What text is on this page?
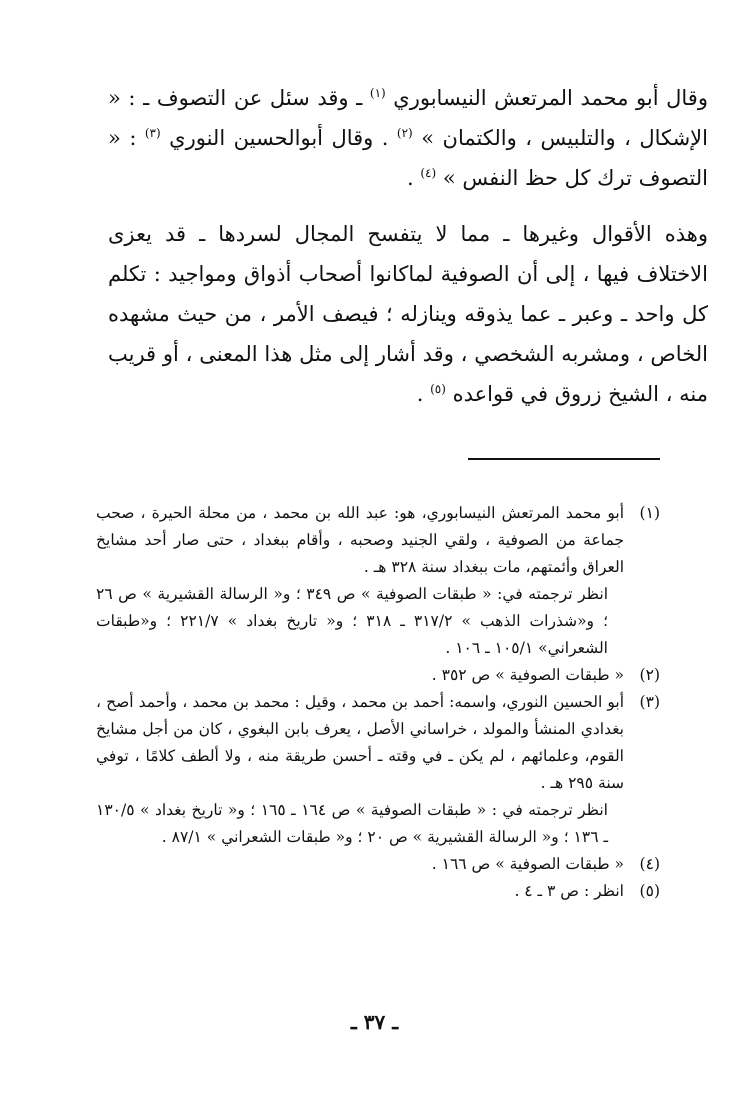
وقال أبو محمد المرتعش النيسابوري $^{(١)}$ ـ وقد سئل عن التصوف ـ : « الإشكال ، والتلبيس ، والكتمان » $^{(٢)}$ . وقال أبوالحسين النوري $^{(٣)}$ : « التصوف ترك كل حظ النفس » $^{(٤)}$ .

وهذه الأقوال وغيرها ـ مما لا يتفسح المجال لسردها ـ قد يعزى الاختلاف فيها ، إلى أن الصوفية لماكانوا أصحاب أذواق ومواجيد : تكلم كل واحد ـ وعبر ـ عما يذوقه وينازله ؛ فيصف الأمر ، من حيث مشهده الخاص ، ومشربه الشخصي ، وقد أشار إلى مثل هذا المعنى ، أو قريب منه ، الشيخ زروق في قواعده $^{(٥)}$ .

(١)
أبو محمد المرتعش النيسابوري، هو: عبد الله بن محمد ، من محلة الحيرة ، صحب جماعة من الصوفية ، ولقي الجنيد وصحبه ، وأقام ببغداد ، حتى صار أحد مشايخ العراق وأئمتهم، مات ببغداد سنة ٣٢٨ هـ .

انظر ترجمته في: « طبقات الصوفية » ص ٣٤٩ ؛ و« الرسالة القشيرية » ص ٢٦ ؛ و«شذرات الذهب » ٣١٧/٢ ـ ٣١٨ ؛ و« تاريخ بغداد » ٢٢١/٧ ؛ و«طبقات الشعراني» ١٠٥/١ ـ ١٠٦ .

(٢)
« طبقات الصوفية » ص ٣٥٢ .

(٣)
أبو الحسين النوري، واسمه: أحمد بن محمد ، وقيل : محمد بن محمد ، وأحمد أصح ، بغدادي المنشأ والمولد ، خراساني الأصل ، يعرف بابن البغوي ، كان من أجل مشايخ القوم، وعلمائهم ، لم يكن ـ في وقته ـ أحسن طريقة منه ، ولا ألطف كلامًا ، توفي سنة ٢٩٥ هـ .

انظر ترجمته في : « طبقات الصوفية » ص ١٦٤ ـ ١٦٥ ؛ و« تاريخ بغداد » ١٣٠/٥ ـ ١٣٦ ؛ و« الرسالة القشيرية » ص ٢٠ ؛ و« طبقات الشعراني » ٨٧/١ .

(٤)
« طبقات الصوفية » ص ١٦٦ .

(٥)
انظر : ص ٣ ـ ٤ .

ـ ٣٧ ـ
